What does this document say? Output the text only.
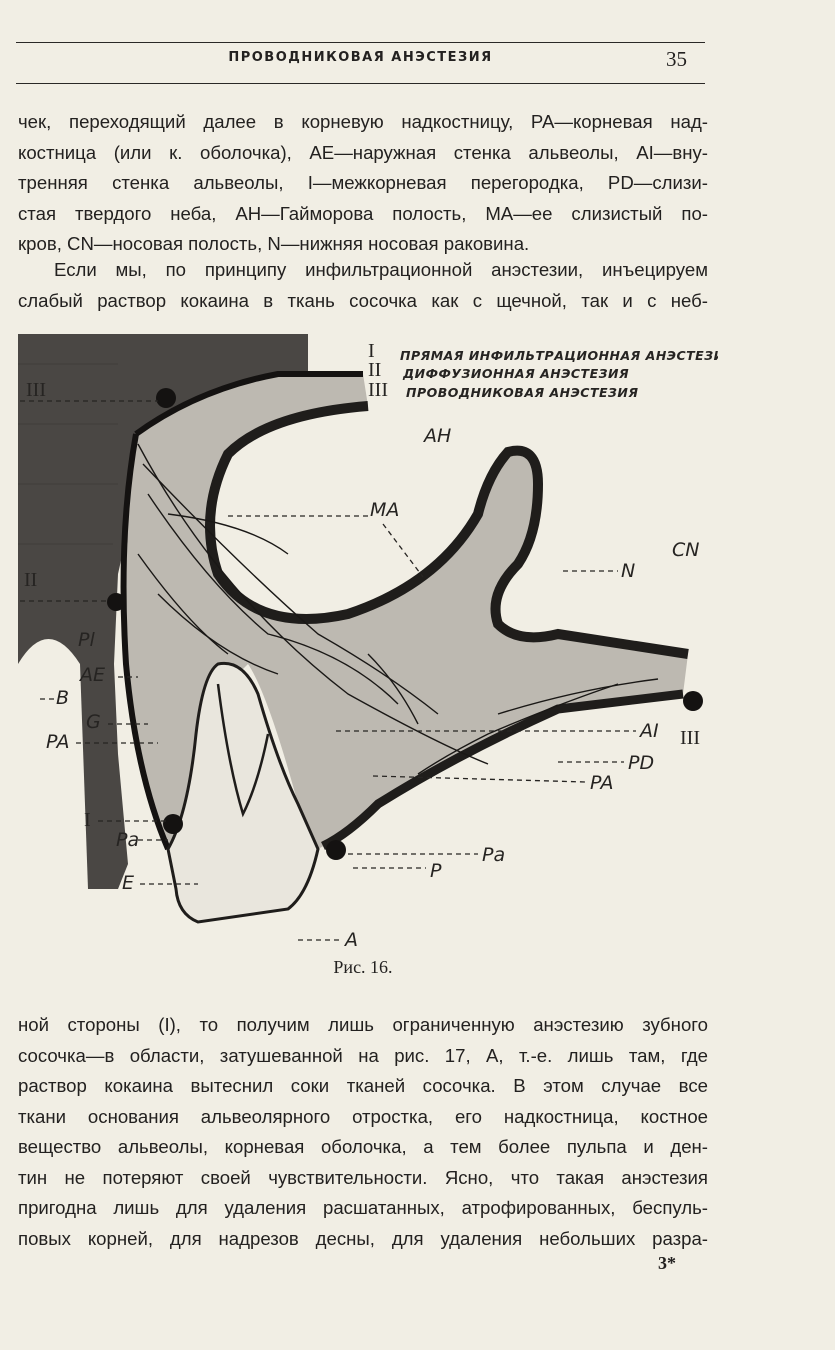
ПРОВОДНИКОВАЯ АНЭСТЕЗИЯ	35

чек, переходящий далее в корневую надкостницу, PA—корневая над-
костница (или к. оболочка), AE—наружная стенка альвеолы, AI—вну-
тренняя стенка альвеолы, I—межкорневая перегородка, PD—слизи-
стая твердого неба, AH—Гайморова полость, MA—ее слизистый по-
кров, CN—носовая полость, N—нижняя носовая раковина.

Если мы, по принципу инфильтрационной анэстезии, инъецируем
слабый раствор кокаина в ткань сосочка как с щечной, так и с неб-

I ПРЯМАЯ ИНФИЛЬТРАЦИОННАЯ АНЭСТЕЗИЯ
II ДИФФУЗИОННАЯ АНЭСТЕЗИЯ
III ПРОВОДНИКОВАЯ АНЭСТЕЗИЯ
AH
MA
CN
N
III
II
Pl
AE
B
G
PA	AI III
PD
PA
I
Pa
E
Pa
P
A
Рис. 16.

ной стороны (I), то получим лишь ограниченную анэстезию зубного
сосочка—в области, затушеванной на рис. 17, A, т.-е. лишь там, где
раствор кокаина вытеснил соки тканей сосочка. В этом случае все
ткани основания альвеолярного отростка, его надкостница, костное
вещество альвеолы, корневая оболочка, а тем более пульпа и ден-
тин не потеряют своей чувствительности. Ясно, что такая анэстезия
пригодна лишь для удаления расшатанных, атрофированных, беспуль-
повых корней, для надрезов десны, для удаления небольших разра-

3*
